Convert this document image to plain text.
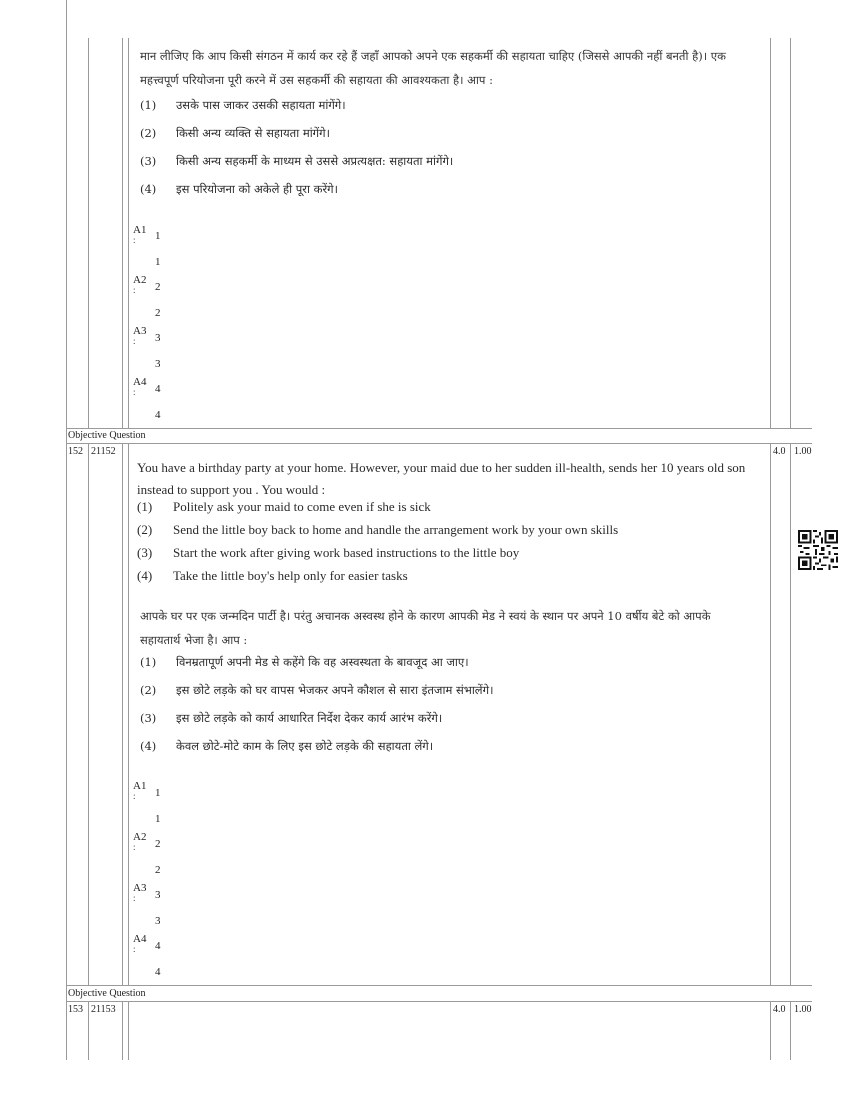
मान लीजिए कि आप किसी संगठन में कार्य कर रहे हैं जहाँ आपको अपने एक सहकर्मी की सहायता चाहिए (जिससे आपकी नहीं बनती है)। एक महत्त्वपूर्ण परियोजना पूरी करने में उस सहकर्मी की सहायता की आवश्यकता है। आप :

(1) उसके पास जाकर उसकी सहायता मांगेंगे।
(2) किसी अन्य व्यक्ति से सहायता मांगेंगे।
(3) किसी अन्य सहकर्मी के माध्यम से उससे अप्रत्यक्षत: सहायता मांगेंगे।
(4) इस परियोजना को अकेले ही पूरा करेंगे।
A1
: 1
1
A2
: 2
2
A3
: 3
3
A4
: 4
4
Objective Question
152 21152	4.0 1.00

You have a birthday party at your home. However, your maid due to her sudden ill-health, sends her 10 years old son instead to support you . You would :

(1) Politely ask your maid to come even if she is sick
(2) Send the little boy back to home and handle the arrangement work by your own skills
(3) Start the work after giving work based instructions to the little boy
(4) Take the little boy's help only for easier tasks

आपके घर पर एक जन्मदिन पार्टी है। परंतु अचानक अस्वस्थ होने के कारण आपकी मेड ने स्वयं के स्थान पर अपने 10 वर्षीय बेटे को आपके सहायतार्थ भेजा है। आप :

(1) विनम्रतापूर्ण अपनी मेड से कहेंगे कि वह अस्वस्थता के बावजूद आ जाए।
(2) इस छोटे लड़के को घर वापस भेजकर अपने कौशल से सारा इंतजाम संभालेंगे।
(3) इस छोटे लड़के को कार्य आधारित निर्देश देकर कार्य आरंभ करेंगे।
(4) केवल छोटे-मोटे काम के लिए इस छोटे लड़के की सहायता लेंगे।
A1
: 1
1
A2
: 2
2
A3
: 3
3
A4
: 4
4
Objective Question
153 21153	4.0 1.00
